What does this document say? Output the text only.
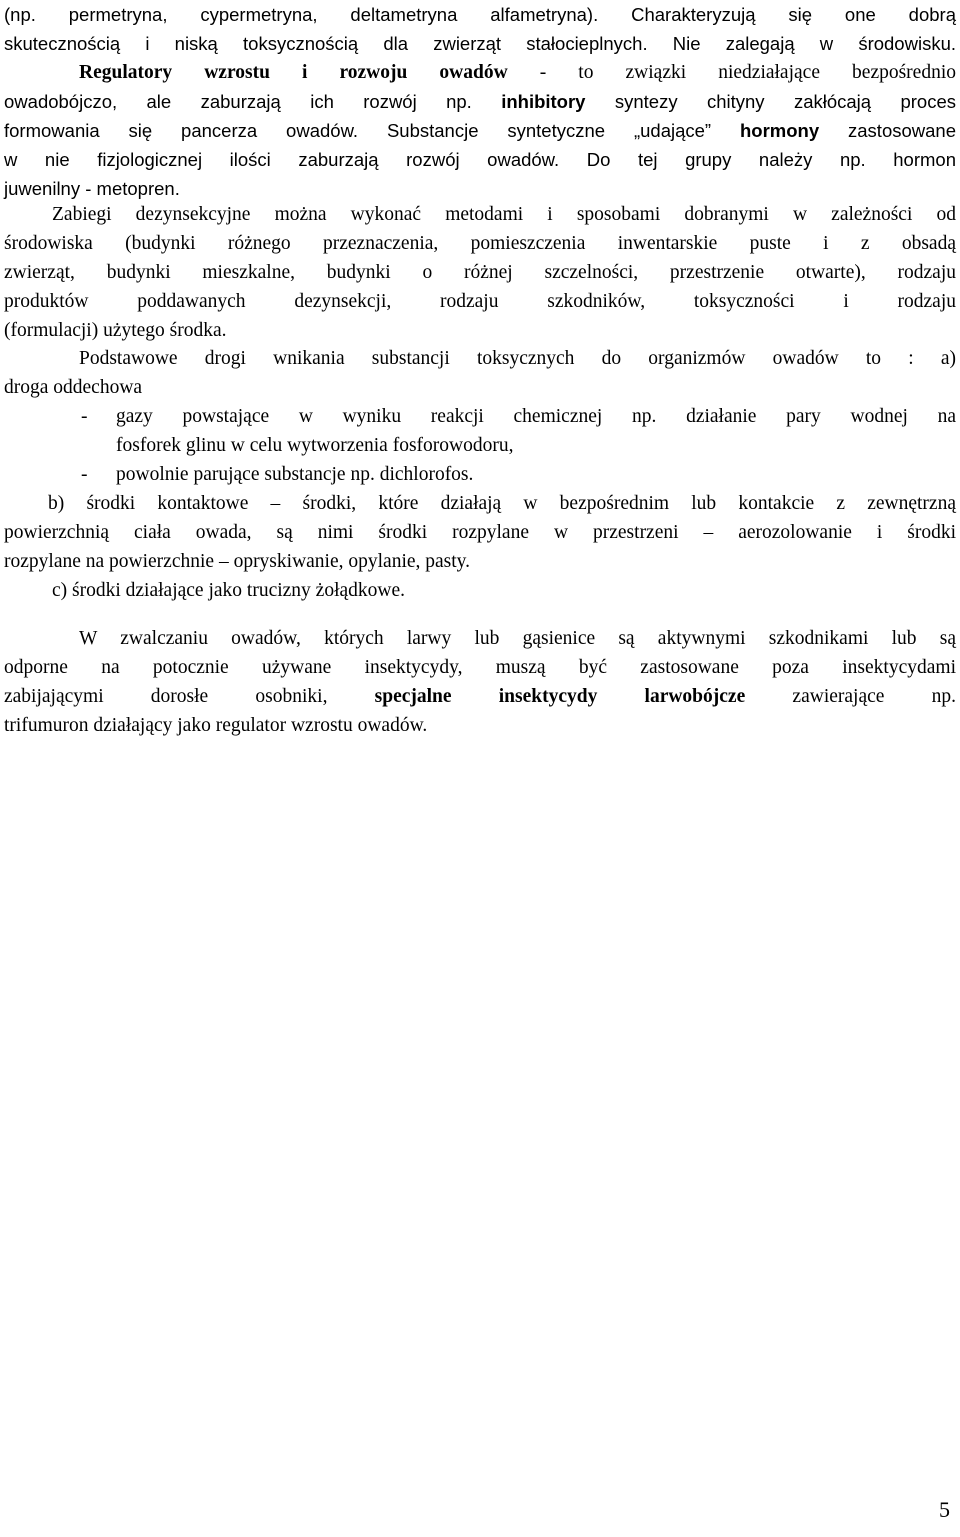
(np. permetryna, cypermetryna, deltametryna alfametryna). Charakteryzują się one dobrą
skutecznością i niską toksycznością dla zwierząt stałocieplnych. Nie zalegają w środowisku.
Regulatory wzrostu i rozwoju owadów - to związki niedziałające bezpośrednio
owadobójczo, ale zaburzają ich rozwój np. inhibitory syntezy chityny zakłócają proces
formowania się pancerza owadów. Substancje syntetyczne „udające” hormony zastosowane
w nie fizjologicznej ilości zaburzają rozwój owadów. Do tej grupy należy np. hormon
juwenilny - metopren.
Zabiegi dezynsekcyjne można wykonać metodami i sposobami dobranymi w zależności od
środowiska (budynki różnego przeznaczenia, pomieszczenia inwentarskie puste i z obsadą
zwierząt, budynki mieszkalne, budynki o różnej szczelności, przestrzenie otwarte), rodzaju
produktów poddawanych dezynsekcji, rodzaju szkodników, toksyczności i rodzaju
(formulacji) użytego środka.
Podstawowe drogi wnikania substancji toksycznych do organizmów owadów to : a)
droga oddechowa
- gazy powstające w wyniku reakcji chemicznej np. działanie pary wodnej na
fosforek glinu w celu wytworzenia fosforowodoru,
- powolnie parujące substancje np. dichlorofos.
b) środki kontaktowe – środki, które działają w bezpośrednim lub kontakcie z zewnętrzną
powierzchnią ciała owada, są nimi środki rozpylane w przestrzeni – aerozolowanie i środki
rozpylane na powierzchnie – opryskiwanie, opylanie, pasty.
c) środki działające jako trucizny żołądkowe.
W zwalczaniu owadów, których larwy lub gąsienice są aktywnymi szkodnikami lub są
odporne na potocznie używane insektycydy, muszą być zastosowane poza insektycydami
zabijającymi dorosłe osobniki, specjalne insektycydy larwobójcze zawierające np.
trifumuron działający jako regulator wzrostu owadów.
5
